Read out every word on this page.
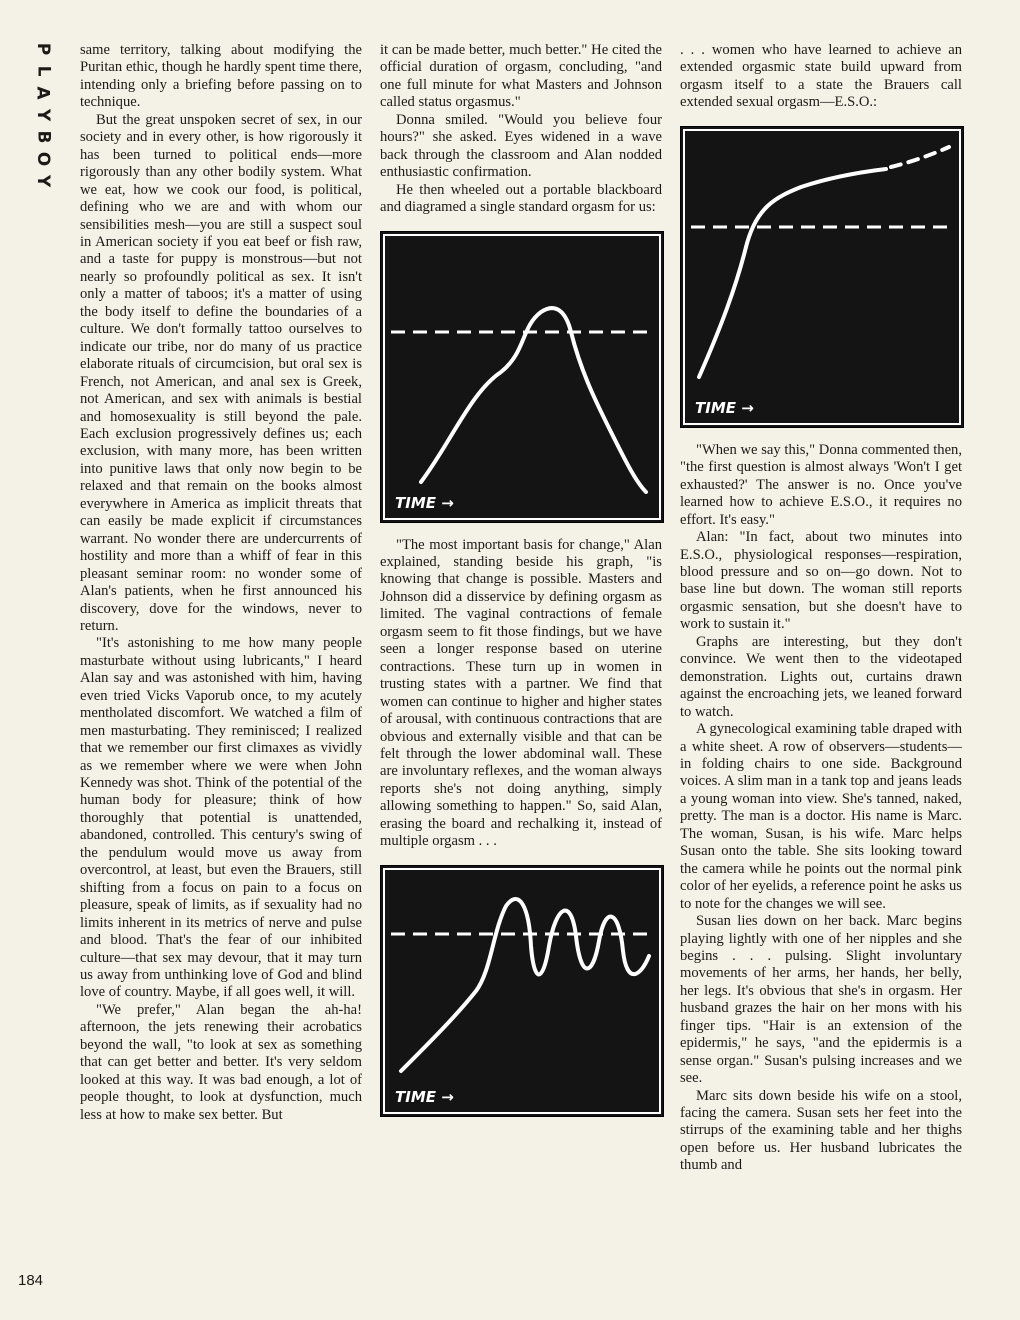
P
L
A
Y
B
O
Y
184

same territory, talking about modifying the Puritan ethic, though he hardly spent time there, intending only a briefing before passing on to technique.

But the great unspoken secret of sex, in our society and in every other, is how rigorously it has been turned to political ends—more rigorously than any other bodily system. What we eat, how we cook our food, is political, defining who we are and with whom our sensibilities mesh—you are still a suspect soul in American society if you eat beef or fish raw, and a taste for puppy is monstrous—but not nearly so profoundly political as sex. It isn't only a matter of taboos; it's a matter of using the body itself to define the boundaries of a culture. We don't formally tattoo ourselves to indicate our tribe, nor do many of us practice elaborate rituals of circumcision, but oral sex is French, not American, and anal sex is Greek, not American, and sex with animals is bestial and homosexuality is still beyond the pale. Each exclusion progressively defines us; each exclusion, with many more, has been written into punitive laws that only now begin to be relaxed and that remain on the books almost everywhere in America as implicit threats that can easily be made explicit if circumstances warrant. No wonder there are undercurrents of hostility and more than a whiff of fear in this pleasant seminar room: no wonder some of Alan's patients, when he first announced his discovery, dove for the windows, never to return.

"It's astonishing to me how many people masturbate without using lubricants," I heard Alan say and was astonished with him, having even tried Vicks Vaporub once, to my acutely mentholated discomfort. We watched a film of men masturbating. They reminisced; I realized that we remember our first climaxes as vividly as we remember where we were when John Kennedy was shot. Think of the potential of the human body for pleasure; think of how thoroughly that potential is unattended, abandoned, controlled. This century's swing of the pendulum would move us away from overcontrol, at least, but even the Brauers, still shifting from a focus on pain to a focus on pleasure, speak of limits, as if sexuality had no limits inherent in its metrics of nerve and pulse and blood. That's the fear of our inhibited culture—that sex may devour, that it may turn us away from unthinking love of God and blind love of country. Maybe, if all goes well, it will.

"We prefer," Alan began the ah-ha! afternoon, the jets renewing their acrobatics beyond the wall, "to look at sex as something that can get better and better. It's very seldom looked at this way. It was bad enough, a lot of people thought, to look at dysfunction, much less at how to make sex better. But

it can be made better, much better." He cited the official duration of orgasm, concluding, "and one full minute for what Masters and Johnson called status orgasmus."

Donna smiled. "Would you believe four hours?" she asked. Eyes widened in a wave back through the classroom and Alan nodded enthusiastic confirmation.

He then wheeled out a portable blackboard and diagramed a single standard orgasm for us:

TIME →

"The most important basis for change," Alan explained, standing beside his graph, "is knowing that change is possible. Masters and Johnson did a disservice by defining orgasm as limited. The vaginal contractions of female orgasm seem to fit those findings, but we have seen a longer response based on uterine contractions. These turn up in women in trusting states with a partner. We find that women can continue to higher and higher states of arousal, with continuous contractions that are obvious and externally visible and that can be felt through the lower abdominal wall. These are involuntary reflexes, and the woman always reports she's not doing anything, simply allowing something to happen." So, said Alan, erasing the board and rechalking it, instead of multiple orgasm . . .

TIME →

. . . women who have learned to achieve an extended orgasmic state build upward from orgasm itself to a state the Brauers call extended sexual orgasm—E.S.O.:

TIME →

"When we say this," Donna commented then, "the first question is almost always 'Won't I get exhausted?' The answer is no. Once you've learned how to achieve E.S.O., it requires no effort. It's easy."

Alan: "In fact, about two minutes into E.S.O., physiological responses—respiration, blood pressure and so on—go down. Not to base line but down. The woman still reports orgasmic sensation, but she doesn't have to work to sustain it."

Graphs are interesting, but they don't convince. We went then to the videotaped demonstration. Lights out, curtains drawn against the encroaching jets, we leaned forward to watch.

A gynecological examining table draped with a white sheet. A row of observers—students—in folding chairs to one side. Background voices. A slim man in a tank top and jeans leads a young woman into view. She's tanned, naked, pretty. The man is a doctor. His name is Marc. The woman, Susan, is his wife. Marc helps Susan onto the table. She sits looking toward the camera while he points out the normal pink color of her eyelids, a reference point he asks us to note for the changes we will see.

Susan lies down on her back. Marc begins playing lightly with one of her nipples and she begins . . . pulsing. Slight involuntary movements of her arms, her hands, her belly, her legs. It's obvious that she's in orgasm. Her husband grazes the hair on her mons with his finger tips. "Hair is an extension of the epidermis," he says, "and the epidermis is a sense organ." Susan's pulsing increases and we see.

Marc sits down beside his wife on a stool, facing the camera. Susan sets her feet into the stirrups of the examining table and her thighs open before us. Her husband lubricates the thumb and
